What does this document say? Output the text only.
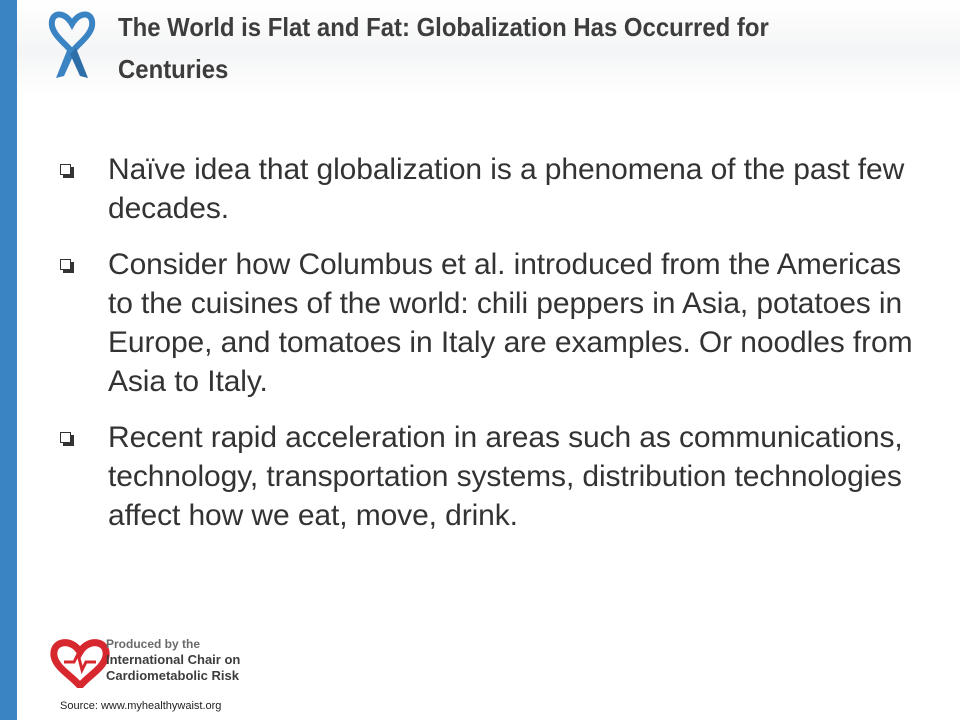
The World is Flat and Fat: Globalization Has Occurred for Centuries
Naïve idea that globalization is a phenomena of the past few decades.
Consider how Columbus et al. introduced from the Americas to the cuisines of the world: chili peppers in Asia, potatoes in Europe, and tomatoes in Italy are examples. Or noodles from Asia to Italy.
Recent rapid acceleration in areas such as communications, technology, transportation systems, distribution technologies affect how we eat, move, drink.
Produced by the
International Chair on
Cardiometabolic Risk
Source: www.myhealthywaist.org
